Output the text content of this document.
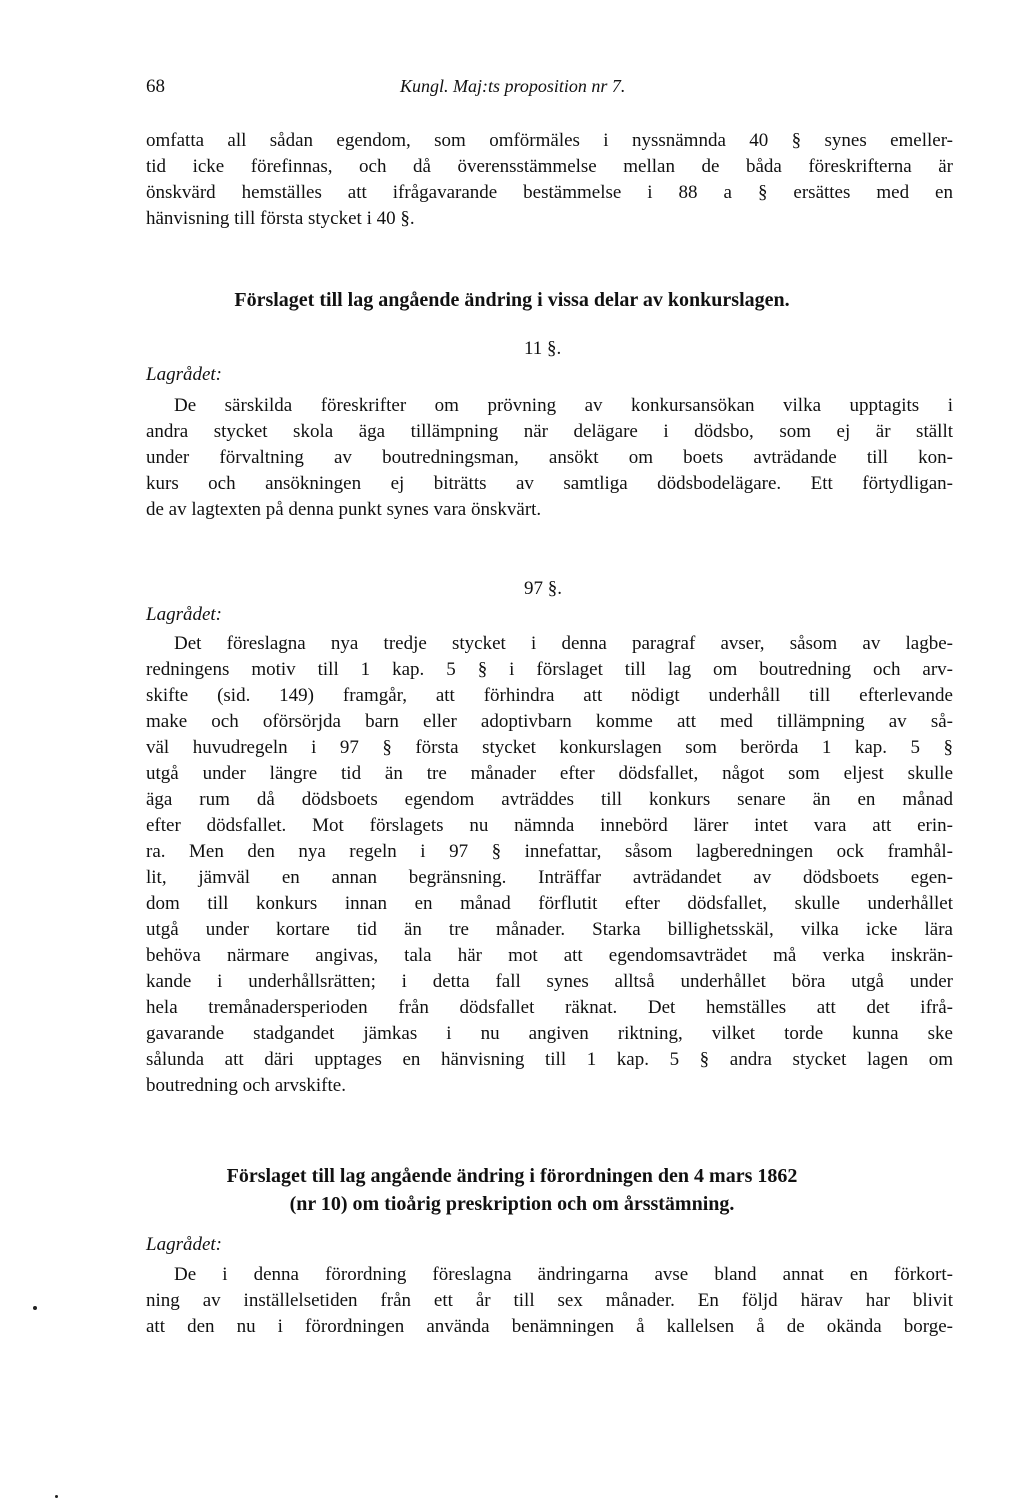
68	Kungl. Maj:ts proposition nr 7.
omfatta all sådan egendom, som omförmäles i nyssnämnda 40 § synes emeller-
tid icke förefinnas, och då överensstämmelse mellan de båda föreskrifterna är
önskvärd hemställes att ifrågavarande bestämmelse i 88 a § ersättes med en
hänvisning till första stycket i 40 §.
Förslaget till lag angående ändring i vissa delar av konkurslagen.
11 §.
Lagrådet:
De särskilda föreskrifter om prövning av konkursansökan vilka upptagits i
andra stycket skola äga tillämpning när delägare i dödsbo, som ej är ställt
under förvaltning av boutredningsman, ansökt om boets avträdande till kon-
kurs och ansökningen ej biträtts av samtliga dödsbodelägare. Ett förtydligan-
de av lagtexten på denna punkt synes vara önskvärt.
97 §.
Lagrådet:
Det föreslagna nya tredje stycket i denna paragraf avser, såsom av lagbe-
redningens motiv till 1 kap. 5 § i förslaget till lag om boutredning och arv-
skifte (sid. 149) framgår, att förhindra att nödigt underhåll till efterlevande
make och oförsörjda barn eller adoptivbarn komme att med tillämpning av så-
väl huvudregeln i 97 § första stycket konkurslagen som berörda 1 kap. 5 §
utgå under längre tid än tre månader efter dödsfallet, något som eljest skulle
äga rum då dödsboets egendom avträddes till konkurs senare än en månad
efter dödsfallet. Mot förslagets nu nämnda innebörd lärer intet vara att erin-
ra. Men den nya regeln i 97 § innefattar, såsom lagberedningen ock framhål-
lit, jämväl en annan begränsning. Inträffar avträdandet av dödsboets egen-
dom till konkurs innan en månad förflutit efter dödsfallet, skulle underhållet
utgå under kortare tid än tre månader. Starka billighetsskäl, vilka icke lära
behöva närmare angivas, tala här mot att egendomsavträdet må verka inskrän-
kande i underhållsrätten; i detta fall synes alltså underhållet böra utgå under
hela tremånadersperioden från dödsfallet räknat. Det hemställes att det ifrå-
gavarande stadgandet jämkas i nu angiven riktning, vilket torde kunna ske
sålunda att däri upptages en hänvisning till 1 kap. 5 § andra stycket lagen om
boutredning och arvskifte.
Förslaget till lag angående ändring i förordningen den 4 mars 1862
(nr 10) om tioårig preskription och om årsstämning.
Lagrådet:
De i denna förordning föreslagna ändringarna avse bland annat en förkort-
ning av inställelsetiden från ett år till sex månader. En följd härav har blivit
att den nu i förordningen använda benämningen å kallelsen å de okända borge-
